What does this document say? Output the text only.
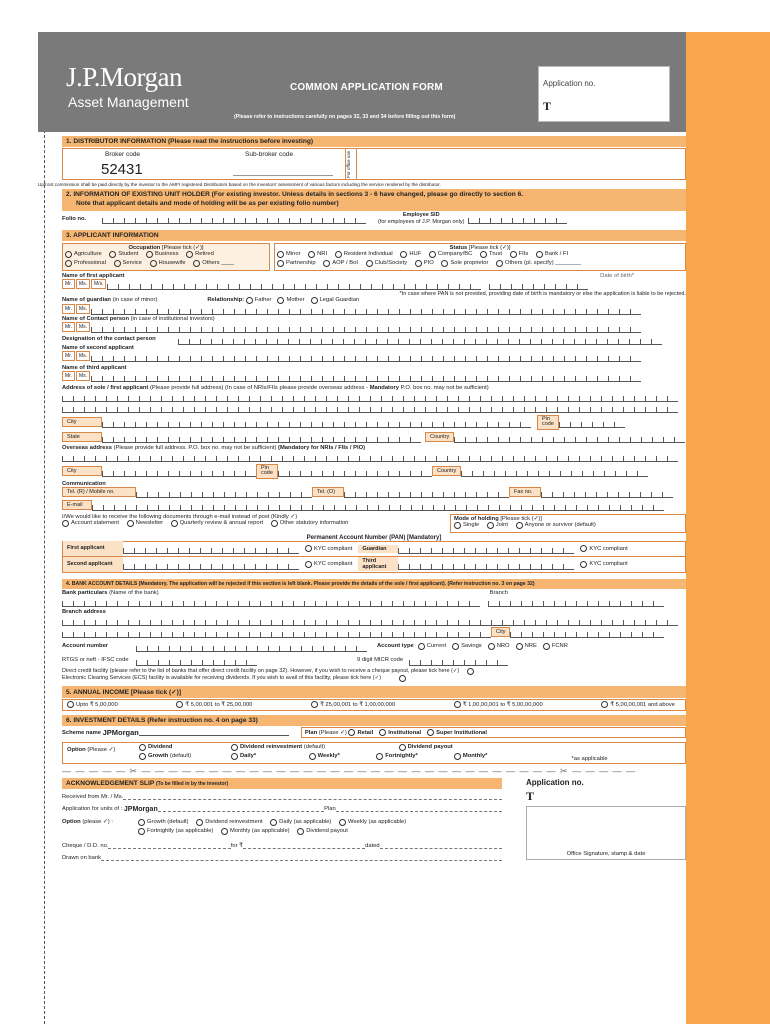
J.P.Morgan
Asset Management
COMMON APPLICATION FORM
(Please refer to instructions carefully on pages 32, 33 and 34 before filling out this form)
Application no.
T
1. DISTRIBUTOR INFORMATION (Please read the instructions before investing)
Broker code
52431
Sub-broker code	For office use
Upfront commission shall be paid directly by the investor to the AMFI registered Distributors based on the investors' assessment of various factors including the service rendered by the distributor.
2. INFORMATION OF EXISTING UNIT HOLDER (For existing investor. Unless details in sections 3 - 6 have changed, please go directly to section 6.
Note that applicant details and mode of holding will be as per existing folio number)
Folio no.
Employee SID
(for employees of J.P. Morgan only)
3. APPLICANT INFORMATION
Occupation [Please tick (✓)]
Agriculture
	Student
	Business
	Retired
Professional
	Service
	Housewife
	Others ____
Status [Please tick (✓)]
Minor
	NRI
	Resident Individual
	HUF
	Company/BC
	Trust
	FIIs
	Bank / FI
Partnership
	AOP / BoI
	Club/Society
	PIO
	Sole proprietor
	Others (pl. specify) ________
Name of first applicant	Date of birth*
Mr.	Ms.	M/s.
*In case where PAN is not provided, providing date of birth is mandatory or else the application is liable to be rejected.
Name of guardian
(in case of minor)	Relationship:
Father	Mother	Legal Guardian
Mr.	Ms.
Name of Contact person
(in case of institutional investors)
Mr.	Ms.
Designation of the contact person
Name of second applicant
Mr.	Ms.
Name of third applicant
Mr.	Ms.
Address of sole / first applicant
(Please provide full address) (In case of NRIs/FIIs please provide overseas address -
Mandatory
P.O. box no. may not be sufficient)
City
Pin code
State	Country
Overseas address
(Please provide full address. P.O. box no. may not be sufficient)
(Mandatory for NRIs / FIIs / PIO)
City
Pin code	Country
Communication
Tel. (R) / Mobile no.	Tel. (O)	Fax no.
E-mail
I/We would like to receive the following documents through e-mail instead of post (Kindly ✓)
Account statement
	Newsletter
	Quarterly review & annual report
	Other statutory information
Mode of holding [Please tick (✓)]
Single
	Joint
	Anyone or survivor (default)
Permanent Account Number (PAN) [Mandatory]
First applicant	KYC compliant	Guardian	KYC compliant
Second applicant	KYC compliant	Third applicant	KYC compliant
4. BANK ACCOUNT DETAILS (Mandatory. The application will be rejected if this section is left blank. Please provide the details of the sole / first applicant). (Refer instruction no. 3 on page 32)
Bank particulars (Name of the bank)	Branch
Branch address
City
Account number	Account type Current	Savings	NRO	NRE	FCNR
RTGS or neft - IFSC code	9 digit MICR code
Direct credit facility (please refer to the list of banks that offer direct credit facility on page 32). However, if you wish to receive a cheque payout, please tick here (✓)
Electronic Clearing Services (ECS) facility is available for receiving dividends. If you wish to avail of this facility, please tick here (✓)
5. ANNUAL INCOME [Please tick (✓)]
Upto ₹ 5,00,000	₹ 5,00,001 to ₹ 25,00,000	₹ 25,00,001 to ₹ 1,00,00,000	₹ 1,00,00,001 to ₹ 5,00,00,000	₹ 5,00,00,001 and above
6. INVESTMENT DETAILS (Refer instruction no. 4 on page 33)
Scheme name
JPMorgan	Plan
(Please ✓)
Retail	Institutional	Super Institutional
Option (Please ✓)	Dividend
Growth
(default)
Dividend reinvestment
(default)
	Dividend payout
Daily*
	Weekly*
	Fortnightly*
	Monthly*	*as applicable
— — — — — ✂ — — — — — — — — — — — — — — — — — — — — — — — — — — — — — — — ✂ — — — — —
ACKNOWLEDGEMENT SLIP (To be filled in by the investor)
Received from Mr. / Ms.
Application for units of :
JPMorgan	Plan
Option (please ✓) :	Growth (default)
	Dividend reinvestment
	Daily (as applicable)
	Weekly (as applicable)
Fortnightly (as applicable)
	Monthly (as applicable)
	Dividend payout
Cheque / D.D. no.	for ₹	dated
Drawn on bank
Application no.
T
Office Signature, stamp & date
